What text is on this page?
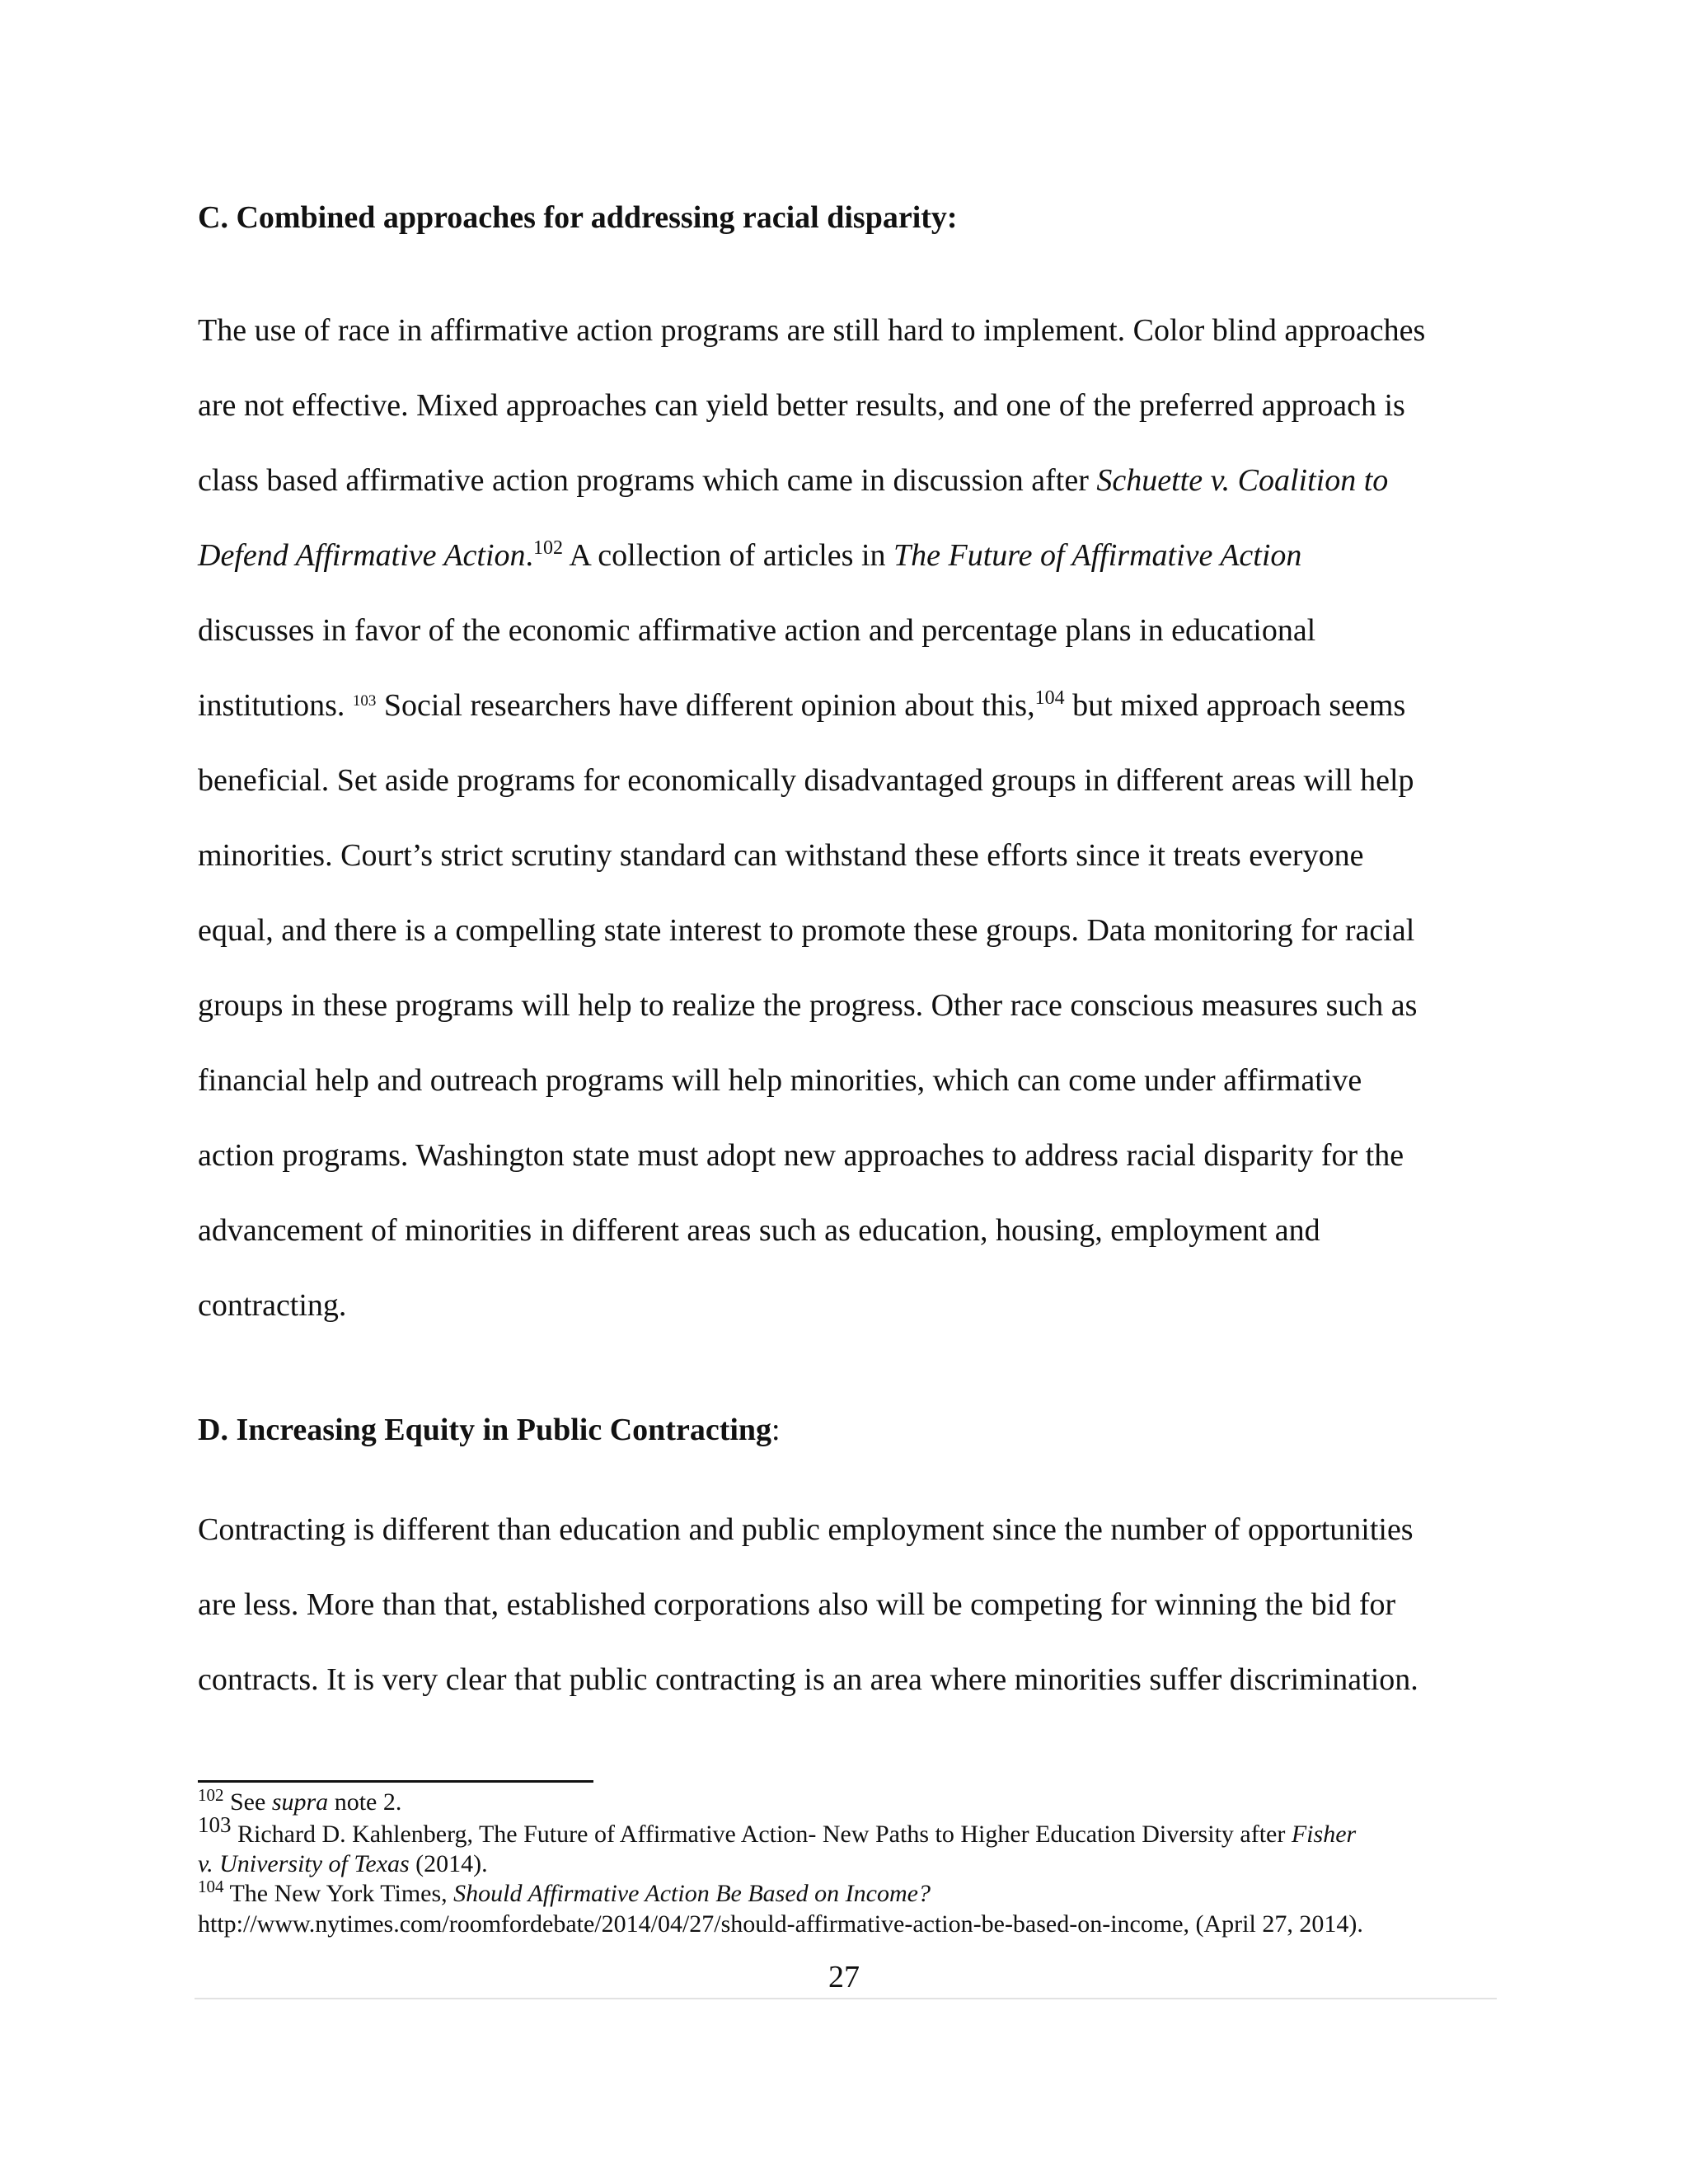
C. Combined approaches for addressing racial disparity:
The use of race in affirmative action programs are still hard to implement. Color blind approaches
are not effective. Mixed approaches can yield better results, and one of the preferred approach is
class based affirmative action programs which came in discussion after Schuette v. Coalition to
Defend Affirmative Action.$^{102}$ A collection of articles in The Future of Affirmative Action
discusses in favor of the economic affirmative action and percentage plans in educational
institutions. $^{103}$ Social researchers have different opinion about this,$^{104}$ but mixed approach seems
beneficial. Set aside programs for economically disadvantaged groups in different areas will help
minorities. Court’s strict scrutiny standard can withstand these efforts since it treats everyone
equal, and there is a compelling state interest to promote these groups. Data monitoring for racial
groups in these programs will help to realize the progress. Other race conscious measures such as
financial help and outreach programs will help minorities, which can come under affirmative
action programs. Washington state must adopt new approaches to address racial disparity for the
advancement of minorities in different areas such as education, housing, employment and
contracting.
D. Increasing Equity in Public Contracting:
Contracting is different than education and public employment since the number of opportunities
are less. More than that, established corporations also will be competing for winning the bid for
contracts. It is very clear that public contracting is an area where minorities suffer discrimination.
$^{102}$ See supra note 2.
$^{103}$ Richard D. Kahlenberg, The Future of Affirmative Action- New Paths to Higher Education Diversity after Fisher
v. University of Texas (2014).
$^{104}$ The New York Times, Should Affirmative Action Be Based on Income?
http://www.nytimes.com/roomfordebate/2014/04/27/should-affirmative-action-be-based-on-income, (April 27, 2014).
27
